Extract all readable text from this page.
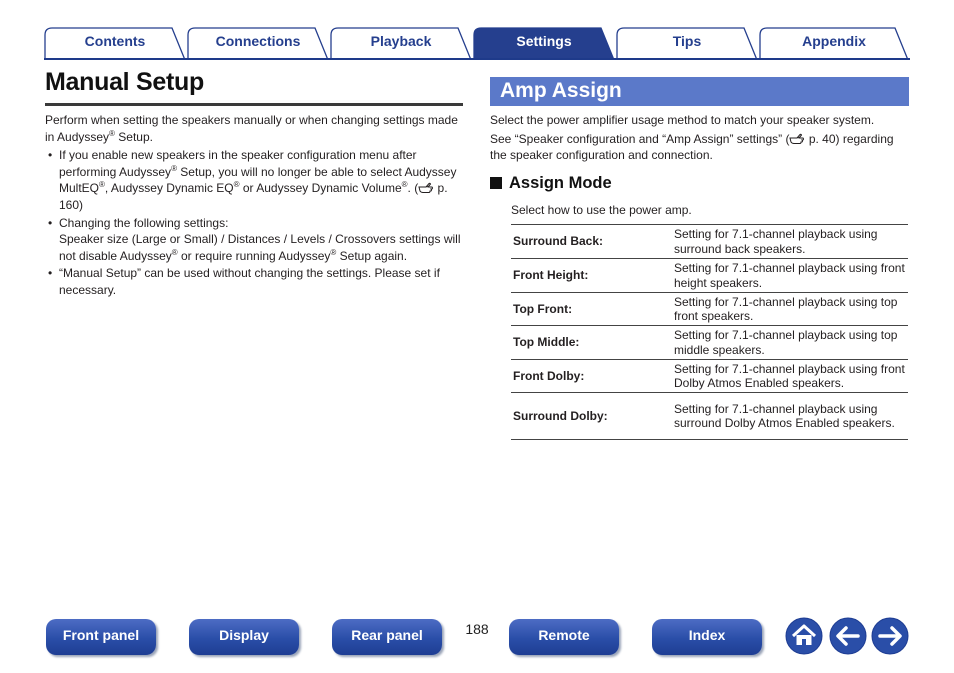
Contents	Connections	Playback	Settings	Tips	Appendix
Manual Setup

Perform when setting the speakers manually or when changing settings made in Audyssey® Setup.

• If you enable new speakers in the speaker configuration menu after performing Audyssey® Setup, you will no longer be able to select Audyssey MultEQ®, Audyssey Dynamic EQ® or Audyssey Dynamic Volume®. ( p. 160)
• Changing the following settings:
Speaker size (Large or Small) / Distances / Levels / Crossovers settings will not disable Audyssey® or require running Audyssey® Setup again.
• “Manual Setup” can be used without changing the settings. Please set if necessary.
Amp Assign

Select the power amplifier usage method to match your speaker system.

See “Speaker configuration and “Amp Assign” settings” ( p. 40) regarding the speaker configuration and connection.

Assign Mode
Select how to use the power amp.
Surround Back:	Setting for 7.1-channel playback using surround back speakers.
Front Height:	Setting for 7.1-channel playback using front height speakers.
Top Front:	Setting for 7.1-channel playback using top front speakers.
Top Middle:	Setting for 7.1-channel playback using top middle speakers.
Front Dolby:	Setting for 7.1-channel playback using front Dolby Atmos Enabled speakers.
Surround Dolby:	Setting for 7.1-channel playback using surround Dolby Atmos Enabled speakers.
Front panel	Display	Rear panel	188	Remote	Index
